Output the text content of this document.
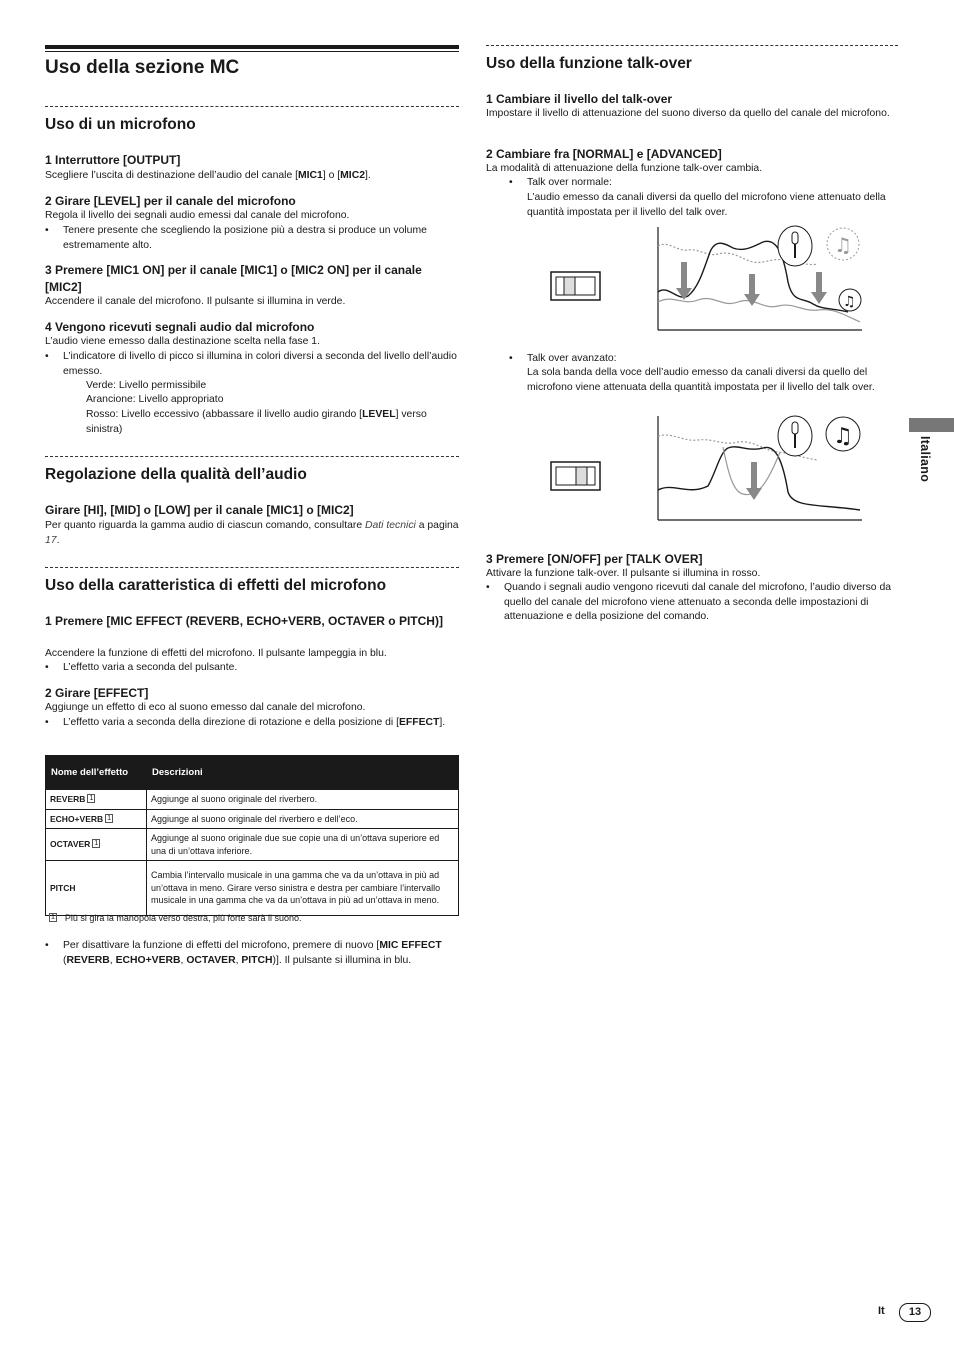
Uso della sezione MC
Uso di un microfono
1 Interruttore [OUTPUT]
Scegliere l’uscita di destinazione dell’audio del canale [MIC1] o [MIC2].
2 Girare [LEVEL] per il canale del microfono
Regola il livello dei segnali audio emessi dal canale del microfono.
• Tenere presente che scegliendo la posizione più a destra si produce un volume estremamente alto.
3 Premere [MIC1 ON] per il canale [MIC1] o [MIC2 ON] per il canale [MIC2]
Accendere il canale del microfono. Il pulsante si illumina in verde.
4 Vengono ricevuti segnali audio dal microfono
L’audio viene emesso dalla destinazione scelta nella fase 1.
• L’indicatore di livello di picco si illumina in colori diversi a seconda del livello dell’audio emesso.
Verde: Livello permissibile
Arancione: Livello appropriato
Rosso: Livello eccessivo (abbassare il livello audio girando [LEVEL] verso sinistra)
Regolazione della qualità dell’audio
Girare [HI], [MID] o [LOW] per il canale [MIC1] o [MIC2]
Per quanto riguarda la gamma audio di ciascun comando, consultare Dati tecnici a pagina 17.
Uso della caratteristica di effetti del microfono
1 Premere [MIC EFFECT (REVERB, ECHO+VERB, OCTAVER o PITCH)]
Accendere la funzione di effetti del microfono. Il pulsante lampeggia in blu.
• L’effetto varia a seconda del pulsante.
2 Girare [EFFECT]
Aggiunge un effetto di eco al suono emesso dal canale del microfono.
• L’effetto varia a seconda della direzione di rotazione e della posizione di [EFFECT].
Nome dell’effetto	Descrizioni
REVERB $^1$	Aggiunge al suono originale del riverbero.
ECHO+VERB $^1$	Aggiunge al suono originale del riverbero e dell’eco.
OCTAVER $^1$	Aggiunge al suono originale due sue copie una di un’ottava superiore ed una di un’ottava inferiore.
PITCH	Cambia l’intervallo musicale in una gamma che va da un’ottava in più ad un’ottava in meno. Girare verso sinistra e destra per cambiare l’intervallo musicale in una gamma che va da un’ottava in più ad un’ottava in meno.
$^1$ Più si gira la manopola verso destra, più forte sarà il suono.
• Per disattivare la funzione di effetti del microfono, premere di nuovo [MIC EFFECT (REVERB, ECHO+VERB, OCTAVER, PITCH)]. Il pulsante si illumina in blu.
Uso della funzione talk-over
1 Cambiare il livello del talk-over
Impostare il livello di attenuazione del suono diverso da quello del canale del microfono.
2 Cambiare fra [NORMAL] e [ADVANCED]
La modalità di attenuazione della funzione talk-over cambia.
• Talk over normale:
L’audio emesso da canali diversi da quello del microfono viene attenuato della quantità impostata per il livello del talk over.
♫
♫
• Talk over avanzato:
La sola banda della voce dell’audio emesso da canali diversi da quello del microfono viene attenuata della quantità impostata per il livello del talk over.
♫
3 Premere [ON/OFF] per [TALK OVER]
Attivare la funzione talk-over. Il pulsante si illumina in rosso.
• Quando i segnali audio vengono ricevuti dal canale del microfono, l’audio diverso da quello del canale del microfono viene attenuato a seconda delle impostazioni di attenuazione e della posizione del comando.
Italiano
It	13
